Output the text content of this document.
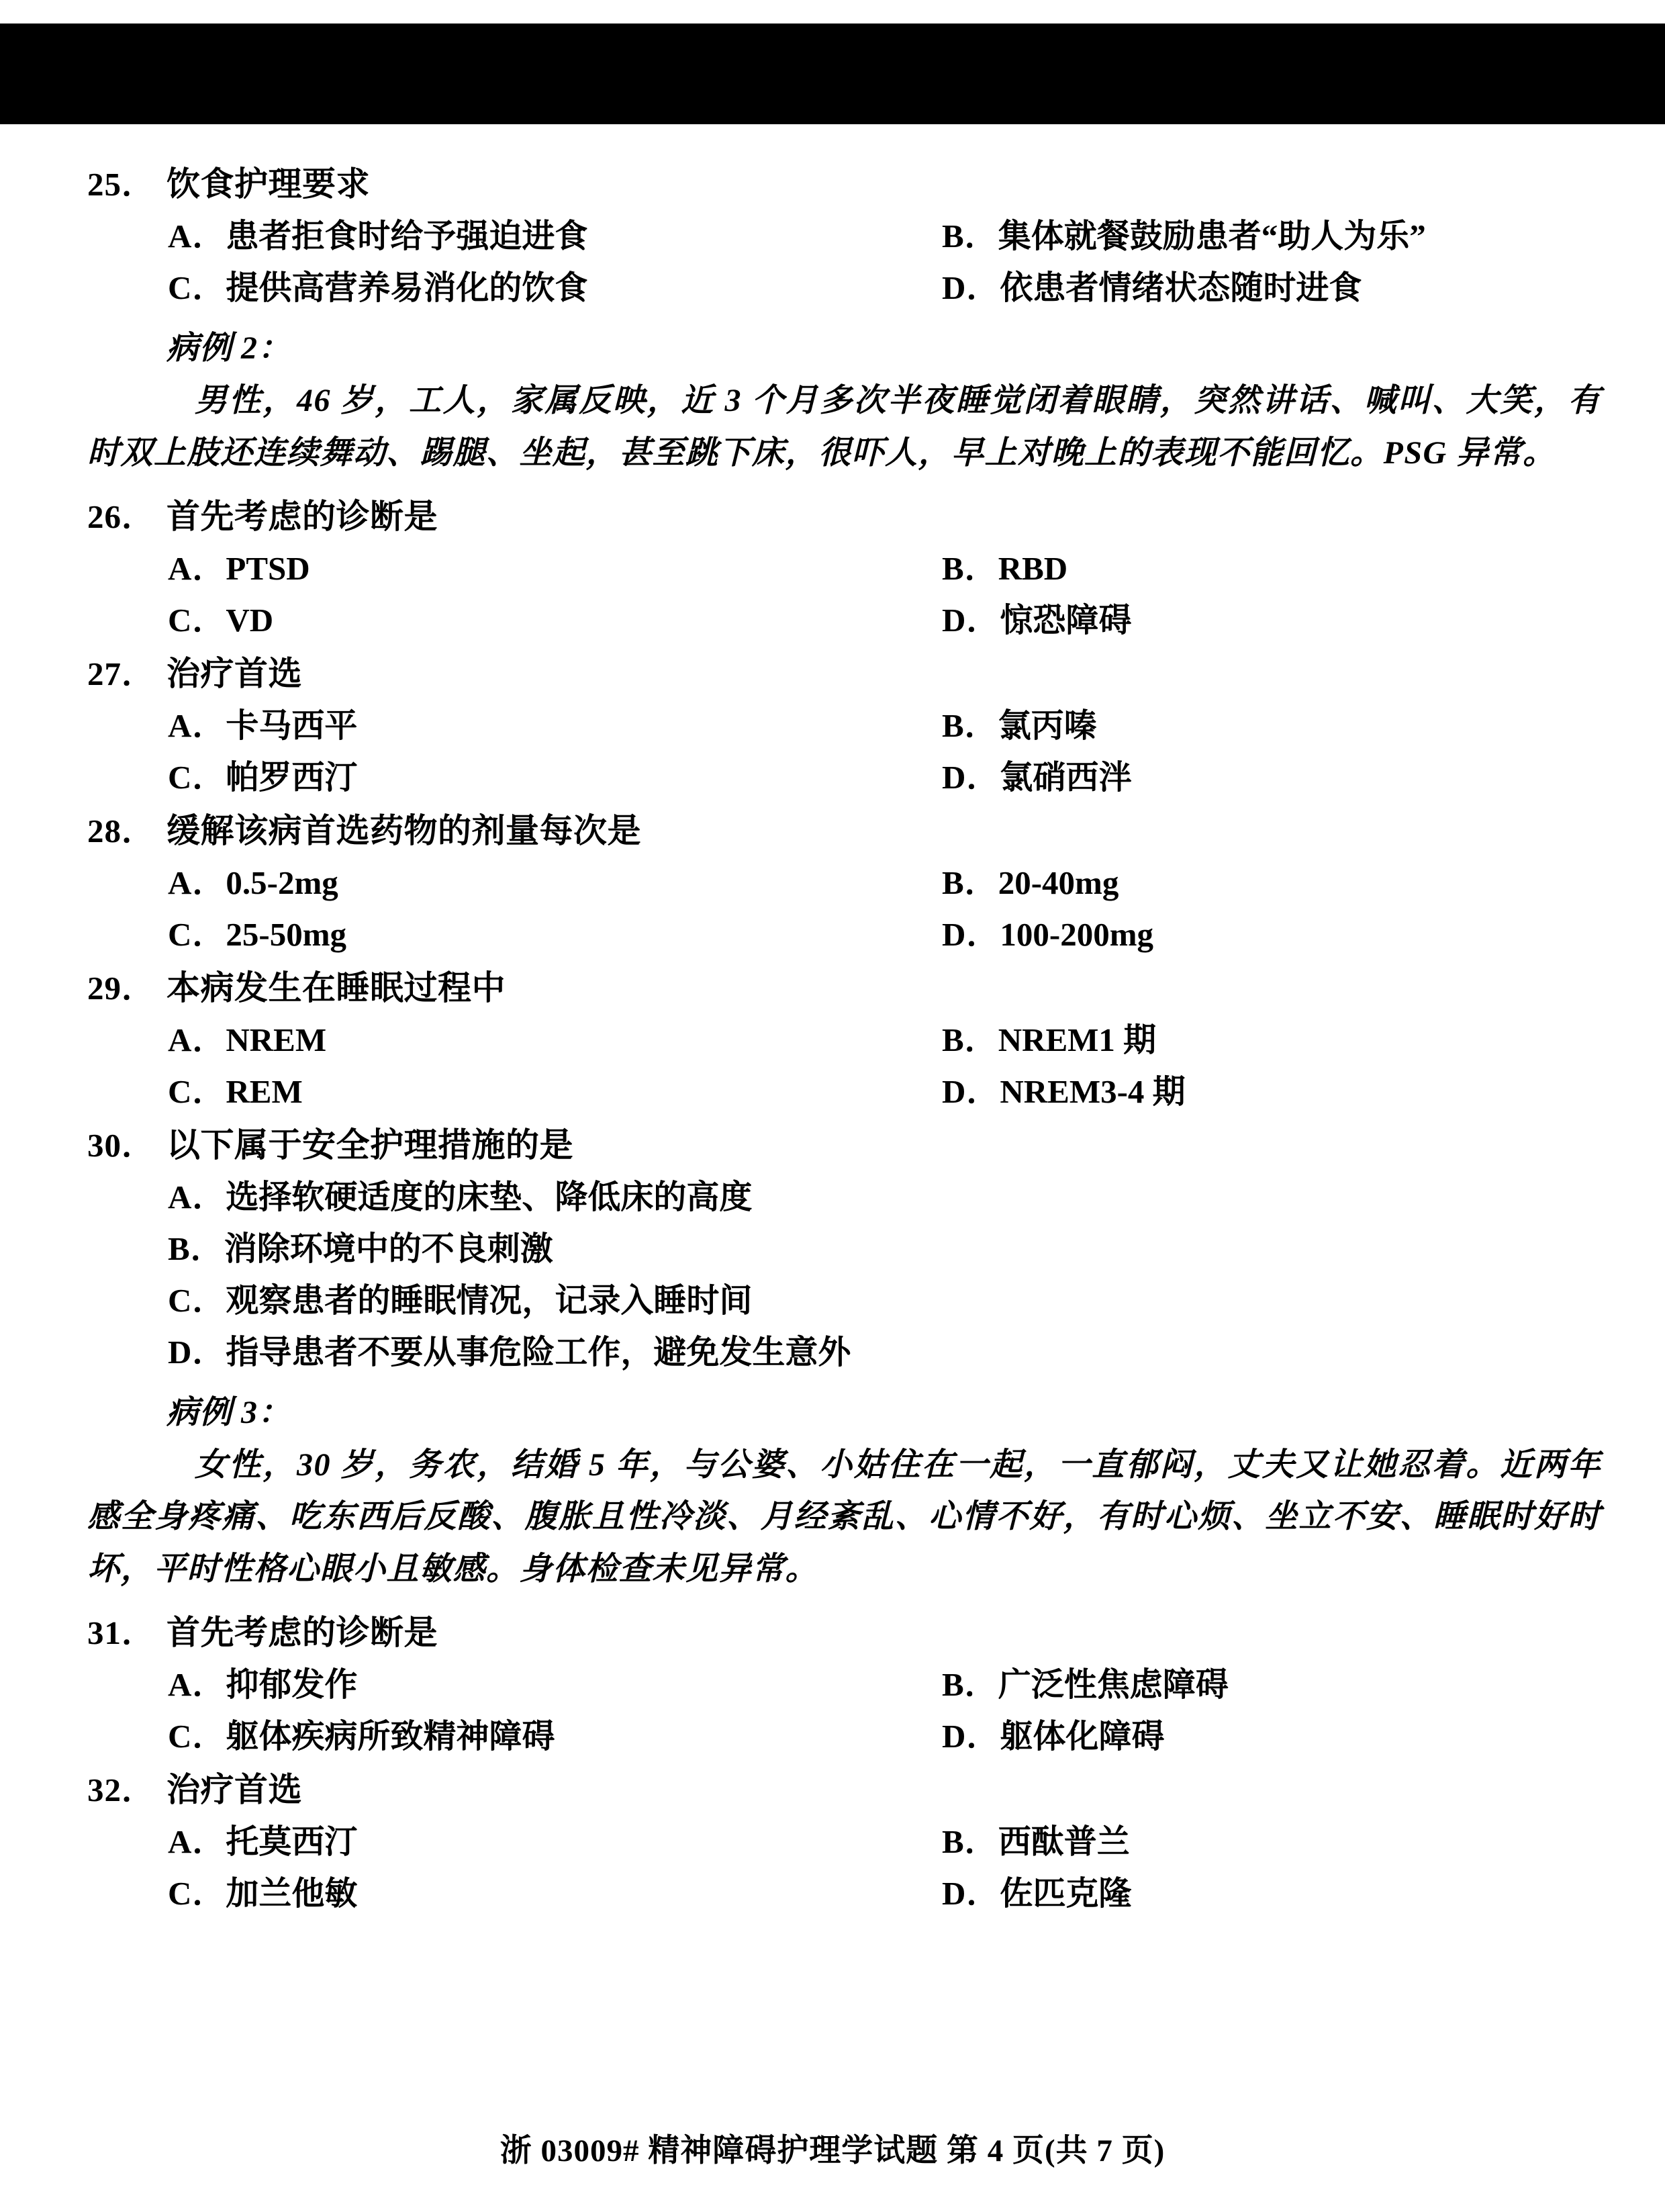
25． 饮食护理要求
A． 患者拒食时给予强迫进食	B． 集体就餐鼓励患者“助人为乐”
C． 提供高营养易消化的饮食	D． 依患者情绪状态随时进食
病例 2：
男性，46 岁，工人，家属反映，近 3 个月多次半夜睡觉闭着眼睛，突然讲话、喊叫、大笑，有时双上肢还连续舞动、踢腿、坐起，甚至跳下床，很吓人，早上对晚上的表现不能回忆。PSG 异常。
26． 首先考虑的诊断是
A． PTSD	B． RBD
C． VD	D． 惊恐障碍
27． 治疗首选
A． 卡马西平	B． 氯丙嗪
C． 帕罗西汀	D． 氯硝西泮
28． 缓解该病首选药物的剂量每次是
A． 0.5-2mg	B． 20-40mg
C． 25-50mg	D． 100-200mg
29． 本病发生在睡眠过程中
A． NREM	B． NREM1 期
C． REM	D． NREM3-4 期
30． 以下属于安全护理措施的是
A． 选择软硬适度的床垫、降低床的高度
B． 消除环境中的不良刺激
C． 观察患者的睡眠情况，记录入睡时间
D． 指导患者不要从事危险工作，避免发生意外
病例 3：
女性，30 岁，务农，结婚 5 年，与公婆、小姑住在一起，一直郁闷，丈夫又让她忍着。近两年感全身疼痛、吃东西后反酸、腹胀且性冷淡、月经紊乱、心情不好，有时心烦、坐立不安、睡眠时好时坏，平时性格心眼小且敏感。身体检查未见异常。
31． 首先考虑的诊断是
A． 抑郁发作	B． 广泛性焦虑障碍
C． 躯体疾病所致精神障碍	D． 躯体化障碍
32． 治疗首选
A． 托莫西汀	B． 西酞普兰
C． 加兰他敏	D． 佐匹克隆
浙 03009# 精神障碍护理学试题 第 4 页(共 7 页)
